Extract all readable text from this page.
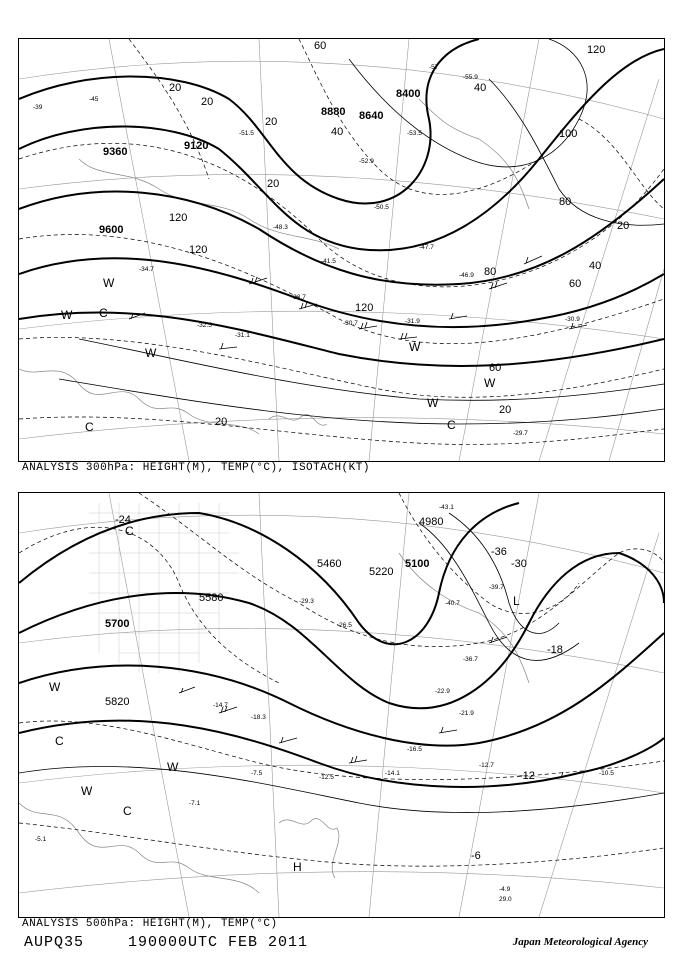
9360	9120
9600
8880 8640
8400
120
20
20
20
20
40
40
60
60
80
80
100
120
120
120
20
40
60
20
20
W
C
W	W
W
W
C
W
C
-39
-45
-51.5
-57
-53.5
-48.3
-47.7
-46.9
-31.9
-30.7
-33.7
-31.1
-32.5
-30.9
-29.7
-34.7
-55.9
-52.9
-50.5
-41.5
ANALYSIS 300hPa: HEIGHT(M), TEMP(°C), ISOTACH(KT)
5700
5580
5460
5220
5100
4980
5820
-24
-30
-36
-18
-12
-6
C
W
C
W
C
W
H
L
-43.1
-40.7
-39.7
-36.7
-29.3
-26.5
-22.9
-21.9
-18.3
-16.5
-14.7
-14.1
-12.7
-12.5
-10.5
-7.5
-7.1
-4.9
-5.1
29.0
ANALYSIS 500hPa: HEIGHT(M), TEMP(°C)
AUPQ35	190000UTC FEB 2011	Japan Meteorological Agency
